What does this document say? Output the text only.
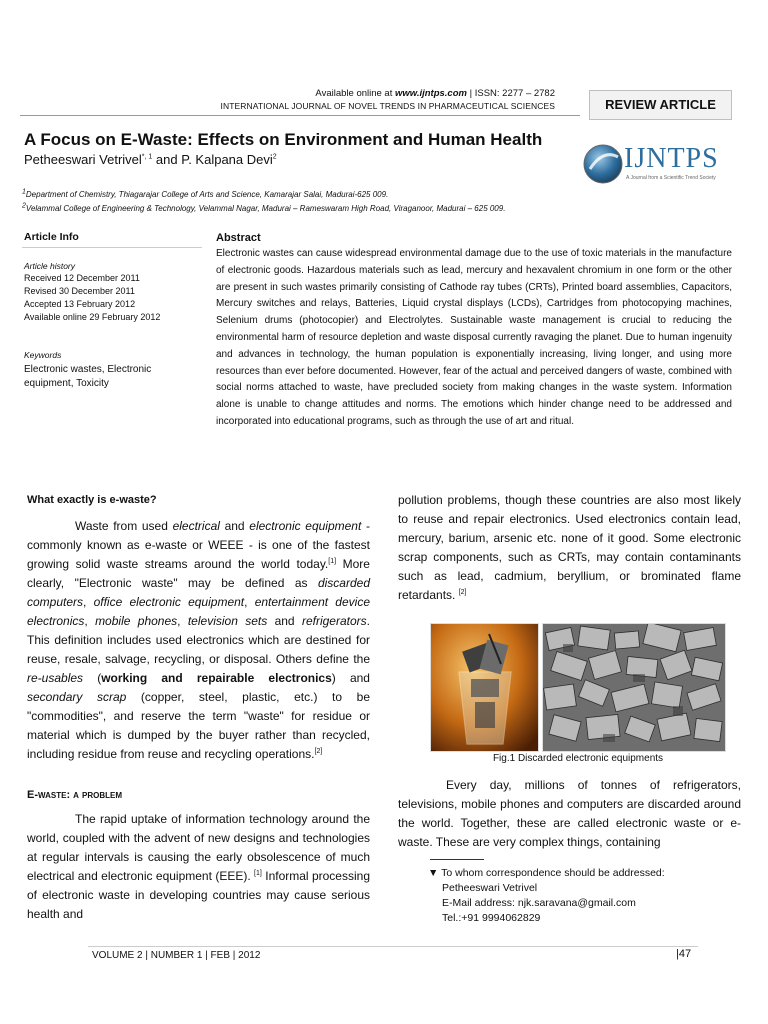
Available online at www.ijntps.com | ISSN: 2277 – 2782
INTERNATIONAL JOURNAL OF NOVEL TRENDS IN PHARMACEUTICAL SCIENCES	REVIEW ARTICLE
A Focus on E-Waste: Effects on Environment and Human Health
Petheeswari Vetrivel$^{*, 1}$ and P. Kalpana Devi$^2$	IJNTPS
A Journal from a Scientific Trend Society
$^1$Department of Chemistry, Thiagarajar College of Arts and Science, Kamarajar Salai, Madurai-625 009.
$^2$Velammal College of Engineering & Technology, Velammal Nagar, Madurai – Rameswaram High Road, Viraganoor, Madurai – 625 009.
Article Info
Article history
Received 12 December 2011
Revised 30 December 2011
Accepted 13 February 2012
Available online 29 February 2012
Keywords
Electronic wastes, Electronic equipment, Toxicity
Abstract
Electronic wastes can cause widespread environmental damage due to the use of toxic materials in the manufacture of electronic goods. Hazardous materials such as lead, mercury and hexavalent chromium in one form or the other are present in such wastes primarily consisting of Cathode ray tubes (CRTs), Printed board assemblies, Capacitors, Mercury switches and relays, Batteries, Liquid crystal displays (LCDs), Cartridges from photocopying machines, Selenium drums (photocopier) and Electrolytes. Sustainable waste management is crucial to reducing the environmental harm of resource depletion and waste disposal currently ravaging the planet. Due to human ingenuity and advances in technology, the human population is exponentially increasing, living longer, and using more resources than ever before documented. However, fear of the actual and perceived dangers of waste, combined with social norms attached to waste, have precluded society from making changes in the waste system. Information alone is unable to change attitudes and norms. The emotions which hinder change need to be addressed and incorporated into educational programs, such as through the use of art and ritual.
What exactly is e-waste?

Waste from used electrical and electronic equipment - commonly known as e-waste or WEEE - is one of the fastest growing solid waste streams around the world today.[1] More clearly, "Electronic waste" may be defined as discarded computers, office electronic equipment, entertainment device electronics, mobile phones, television sets and refrigerators. This definition includes used electronics which are destined for reuse, resale, salvage, recycling, or disposal. Others define the re-usables (working and repairable electronics) and secondary scrap (copper, steel, plastic, etc.) to be "commodities", and reserve the term "waste" for residue or material which is dumped by the buyer rather than recycled, including residue from reuse and recycling operations.[2]

E-waste: a problem

The rapid uptake of information technology around the world, coupled with the advent of new designs and technologies at regular intervals is causing the early obsolescence of much electrical and electronic equipment (EEE). [1] Informal processing of electronic waste in developing countries may cause serious health and

pollution problems, though these countries are also most likely to reuse and repair electronics. Used electronics contain lead, mercury, barium, arsenic etc. none of it good. Some electronic scrap components, such as CRTs, may contain contaminants such as lead, cadmium, beryllium, or brominated flame retardants. [2]

Fig.1 Discarded electronic equipments

Every day, millions of tonnes of refrigerators, televisions, mobile phones and computers are discarded around the world. Together, these are called electronic waste or e-waste. These are very complex things, containing

▼ To whom correspondence should be addressed:
Petheeswari Vetrivel
E-Mail address: njk.saravana@gmail.com
Tel.:+91 9994062829
VOLUME 2 | NUMBER 1 | FEB | 2012	|47
